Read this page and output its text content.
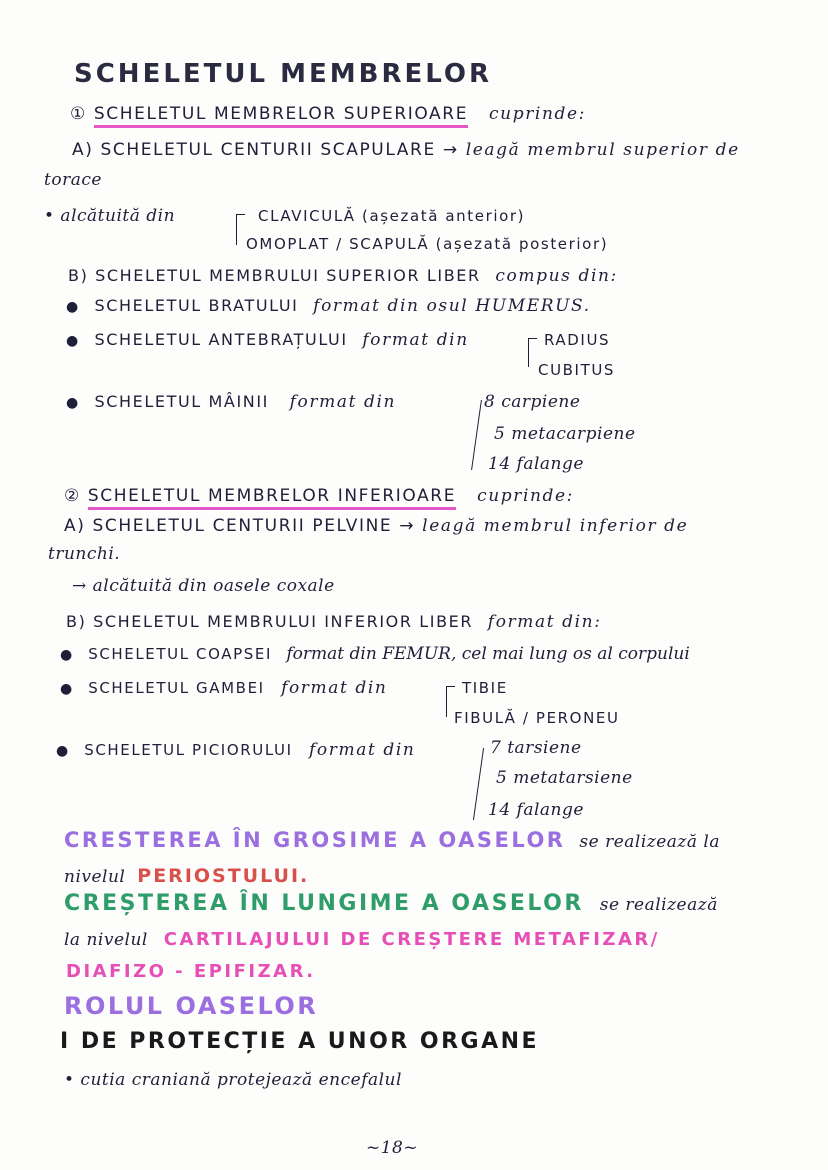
SCHELETUL MEMBRELOR
① SCHELETUL MEMBRELOR SUPERIOARE cuprinde:
A) SCHELETUL CENTURII SCAPULARE → leagă membrul superior de
torace
• alcătuită din	CLAVICULĂ (așezată anterior)
OMOPLAT / SCAPULĂ (așezată posterior)
B) SCHELETUL MEMBRULUI SUPERIOR LIBER compus din:
● SCHELETUL BRATULUI format din osul HUMERUS.
● SCHELETUL ANTEBRAȚULUI format din	RADIUS
CUBITUS
● SCHELETUL MÂINII format din	8 carpiene
5 metacarpiene
14 falange
② SCHELETUL MEMBRELOR INFERIOARE cuprinde:
A) SCHELETUL CENTURII PELVINE → leagă membrul inferior de
trunchi.
→ alcătuită din oasele coxale
B) SCHELETUL MEMBRULUI INFERIOR LIBER format din:
● SCHELETUL COAPSEI format din FEMUR, cel mai lung os al corpului
● SCHELETUL GAMBEI format din	TIBIE
FIBULĂ / PERONEU
● SCHELETUL PICIORULUI format din	7 tarsiene
5 metatarsiene
14 falange
CRESTEREA ÎN GROSIME A OASELOR se realizează la
nivelul PERIOSTULUI.
CREȘTEREA ÎN LUNGIME A OASELOR se realizează
la nivelul CARTILAJULUI DE CREȘTERE METAFIZAR/
DIAFIZO - EPIFIZAR.
ROLUL OASELOR
I DE PROTECȚIE A UNOR ORGANE
• cutia craniană protejează encefalul
~18~
